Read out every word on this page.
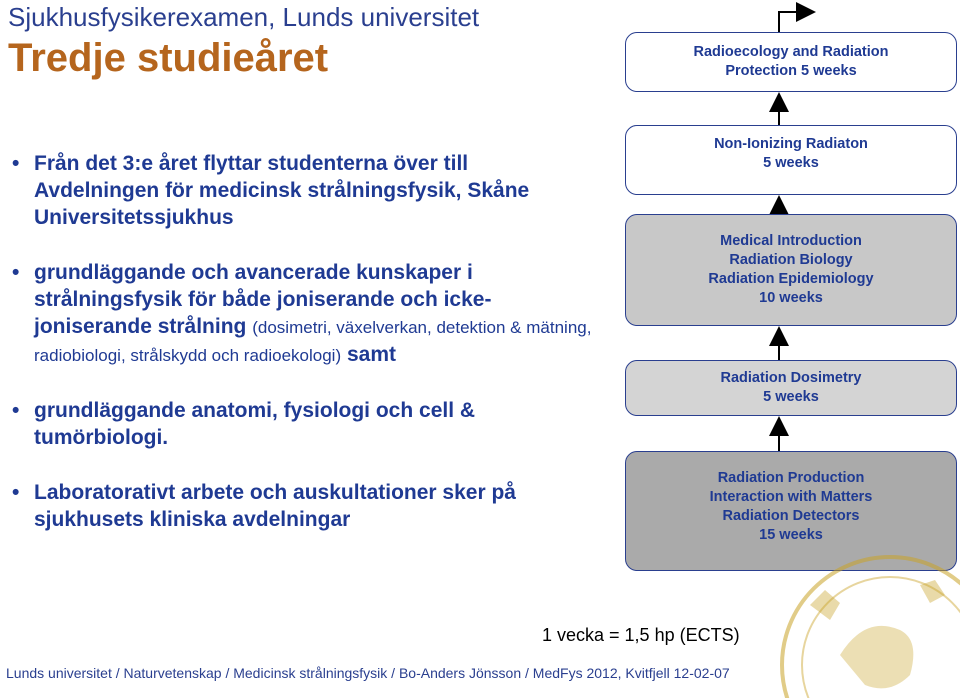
Sjukhusfysikerexamen, Lunds universitet
Tredje studieåret
• Från det 3:e året flyttar studenterna över till Avdelningen för medicinsk strålningsfysik, Skåne Universitetssjukhus
• grundläggande och avancerade kunskaper i strålningsfysik för både joniserande och icke-joniserande strålning (dosimetri, växelverkan, detektion & mätning, radiobiologi, strålskydd och radioekologi) samt
• grundläggande anatomi, fysiologi och cell & tumörbiologi.
• Laboratorativt arbete och auskultationer sker på sjukhusets kliniska avdelningar
Radioecology and Radiation
Protection 5 weeks
Non-Ionizing Radiaton
5 weeks
Medical Introduction
Radiation Biology
Radiation Epidemiology
10 weeks
Radiation Dosimetry
5 weeks
Radiation Production
Interaction with Matters
Radiation Detectors
15 weeks
1 vecka = 1,5 hp (ECTS)
Lunds universitet / Naturvetenskap / Medicinsk strålningsfysik / Bo-Anders Jönsson / MedFys 2012, Kvitfjell 12-02-07
